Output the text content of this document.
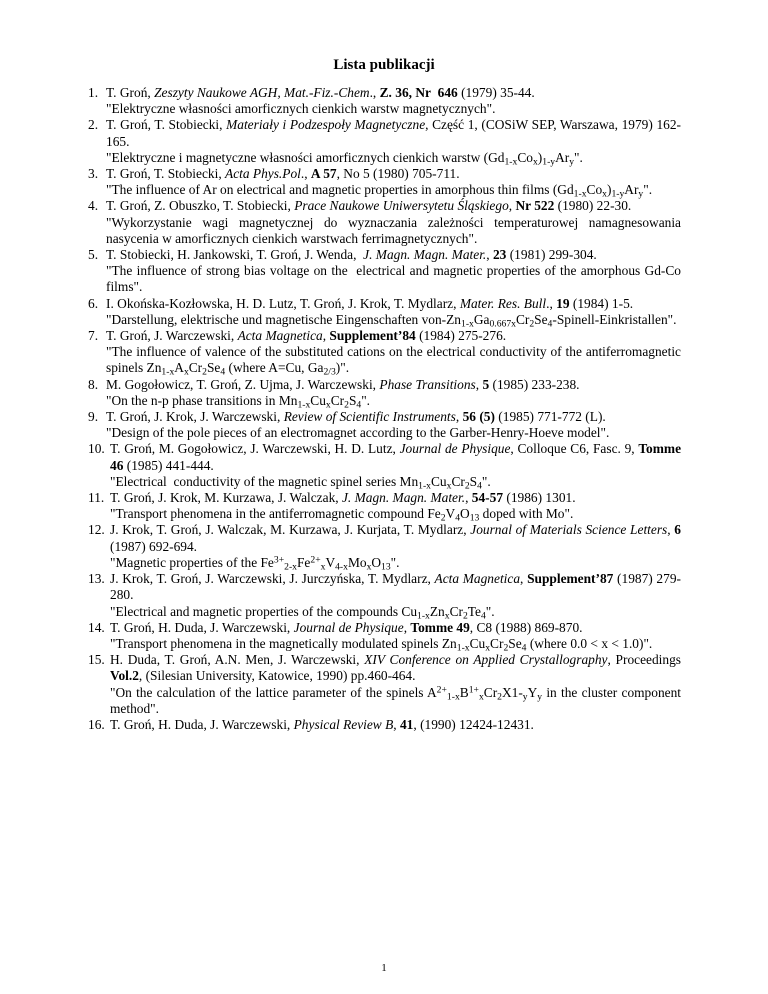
Lista publikacji
1. T. Groń, Zeszyty Naukowe AGH, Mat.-Fiz.-Chem., Z. 36, Nr  646 (1979) 35-44.
"Elektryczne własności amorficznych cienkich warstw magnetycznych".
2. T. Groń, T. Stobiecki, Materiały i Podzespoły Magnetyczne, Część 1, (COSiW SEP, Warszawa, 1979) 162-165.
"Elektryczne i magnetyczne własności amorficznych cienkich warstw $(Gd_{1-x}Co_x)_{1-y}Ar_y$".
3. T. Groń, T. Stobiecki, Acta Phys.Pol., A 57, No 5 (1980) 705-711.
"The influence of Ar on electrical and magnetic properties in amorphous thin films $(Gd_{1-x}Co_x)_{1-y}Ar_y$".
4. T. Groń, Z. Obuszko, T. Stobiecki, Prace Naukowe Uniwersytetu Śląskiego, Nr 522 (1980) 22-30.
"Wykorzystanie wagi magnetycznej do wyznaczania zależności temperaturowej namagnesowania nasycenia w amorficznych cienkich warstwach ferrimagnetycznych".
5. T. Stobiecki, H. Jankowski, T. Groń, J. Wenda,  J. Magn. Magn. Mater., 23 (1981) 299-304.
"The influence of strong bias voltage on the  electrical and magnetic properties of the amorphous Gd-Co films".
6. I. Okońska-Kozłowska, H. D. Lutz, T. Groń, J. Krok, T. Mydlarz, Mater. Res. Bull., 19 (1984) 1-5.
"Darstellung, elektrische und magnetische Eingenschaften von-$Zn_{1-x}Ga_{0.667x}Cr_2Se_4-Spinell$-Einkristallen".
7. T. Groń, J. Warczewski, Acta Magnetica, Supplement’84 (1984) 275-276.
"The influence of valence of the substituted cations on the electrical conductivity of the antiferromagnetic spinels $Zn_{1-x}A_xCr_2Se_4$ (where A=Cu, $Ga_{2/3}$)".
8. M. Gogołowicz, T. Groń, Z. Ujma, J. Warczewski, Phase Transitions, 5 (1985) 233-238.
"On the n-p phase transitions in $Mn_{1-x}Cu_xCr_2S_4$".
9. T. Groń, J. Krok, J. Warczewski, Review of Scientific Instruments, 56 (5) (1985) 771-772 (L).
"Design of the pole pieces of an electromagnet according to the Garber-Henry-Hoeve model".
10. T. Groń, M. Gogołowicz, J. Warczewski, H. D. Lutz, Journal de Physique, Colloque C6, Fasc. 9, Tomme 46 (1985) 441-444.
"Electrical  conductivity of the magnetic spinel series $Mn_{1-x}Cu_xCr_2S_4$".
11. T. Groń, J. Krok, M. Kurzawa, J. Walczak, J. Magn. Magn. Mater., 54-57 (1986) 1301.
"Transport phenomena in the antiferromagnetic compound $Fe_2V_4O_{13}$ doped with Mo".
12. J. Krok, T. Groń, J. Walczak, M. Kurzawa, J. Kurjata, T. Mydlarz, Journal of Materials Science Letters, 6 (1987) 692-694.
"Magnetic properties of the $Fe^{3+}_{2-x}Fe^{2+}_xV_{4-x}Mo_xO_{13}$".
13. J. Krok, T. Groń, J. Warczewski, J. Jurczyńska, T. Mydlarz, Acta Magnetica, Supplement’87 (1987) 279-280.
"Electrical and magnetic properties of the compounds $Cu_{1-x}Zn_xCr_2Te_4$".
14. T. Groń, H. Duda, J. Warczewski, Journal de Physique, Tomme 49, C8 (1988) 869-870.
"Transport phenomena in the magnetically modulated spinels $Zn_{1-x}Cu_xCr_2Se_4$ (where 0.0 < x < 1.0)".
15. H. Duda, T. Groń, A.N. Men, J. Warczewski, XIV Conference on Applied Crystallography, Proceedings Vol.2, (Silesian University, Katowice, 1990) pp.460-464.
"On the calculation of the lattice parameter of the spinels $A^{2+}_{1-x}B^{1+}_xCr_2X1-_yY_y$ in the cluster component method".
16. T. Groń, H. Duda, J. Warczewski, Physical Review B, 41, (1990) 12424-12431.
1
